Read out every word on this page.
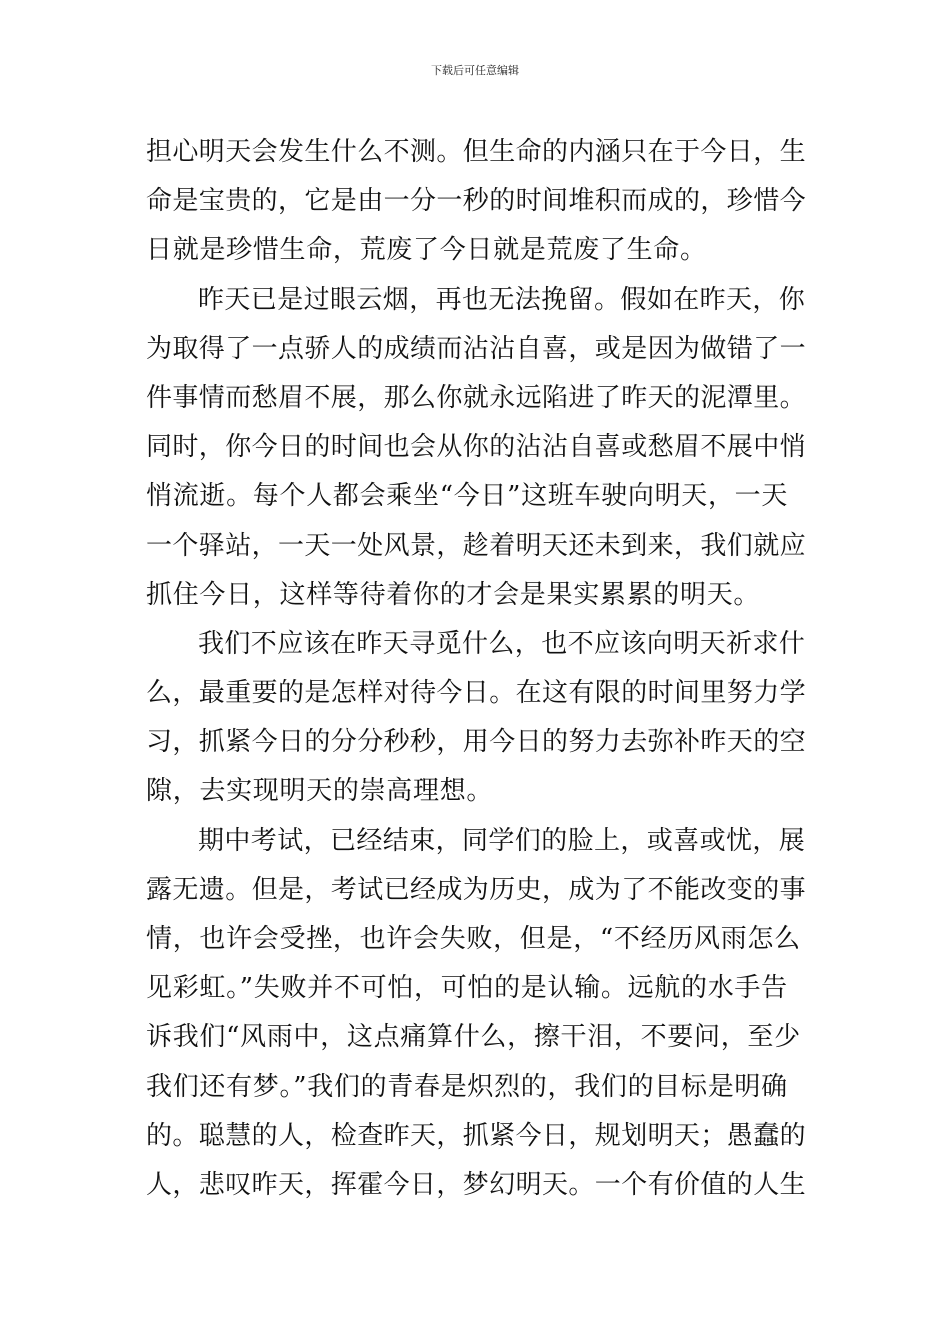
下载后可任意编辑
担心明天会发生什么不测。但生命的内涵只在于今日，生
命是宝贵的，它是由一分一秒的时间堆积而成的，珍惜今
日就是珍惜生命，荒废了今日就是荒废了生命。
昨天已是过眼云烟，再也无法挽留。假如在昨天，你
为取得了一点骄人的成绩而沾沾自喜，或是因为做错了一
件事情而愁眉不展，那么你就永远陷进了昨天的泥潭里。
同时，你今日的时间也会从你的沾沾自喜或愁眉不展中悄
悄流逝。每个人都会乘坐“今日”这班车驶向明天，一天
一个驿站，一天一处风景，趁着明天还未到来，我们就应
抓住今日，这样等待着你的才会是果实累累的明天。
我们不应该在昨天寻觅什么，也不应该向明天祈求什
么，最重要的是怎样对待今日。在这有限的时间里努力学
习，抓紧今日的分分秒秒，用今日的努力去弥补昨天的空
隙，去实现明天的崇高理想。
期中考试，已经结束，同学们的脸上，或喜或忧，展
露无遗。但是，考试已经成为历史，成为了不能改变的事
情，也许会受挫，也许会失败，但是，“不经历风雨怎么
见彩虹。”失败并不可怕，可怕的是认输。远航的水手告
诉我们“风雨中，这点痛算什么，擦干泪，不要问，至少
我们还有梦。”我们的青春是炽烈的，我们的目标是明确
的。聪慧的人，检查昨天，抓紧今日，规划明天；愚蠢的
人，悲叹昨天，挥霍今日，梦幻明天。一个有价值的人生
